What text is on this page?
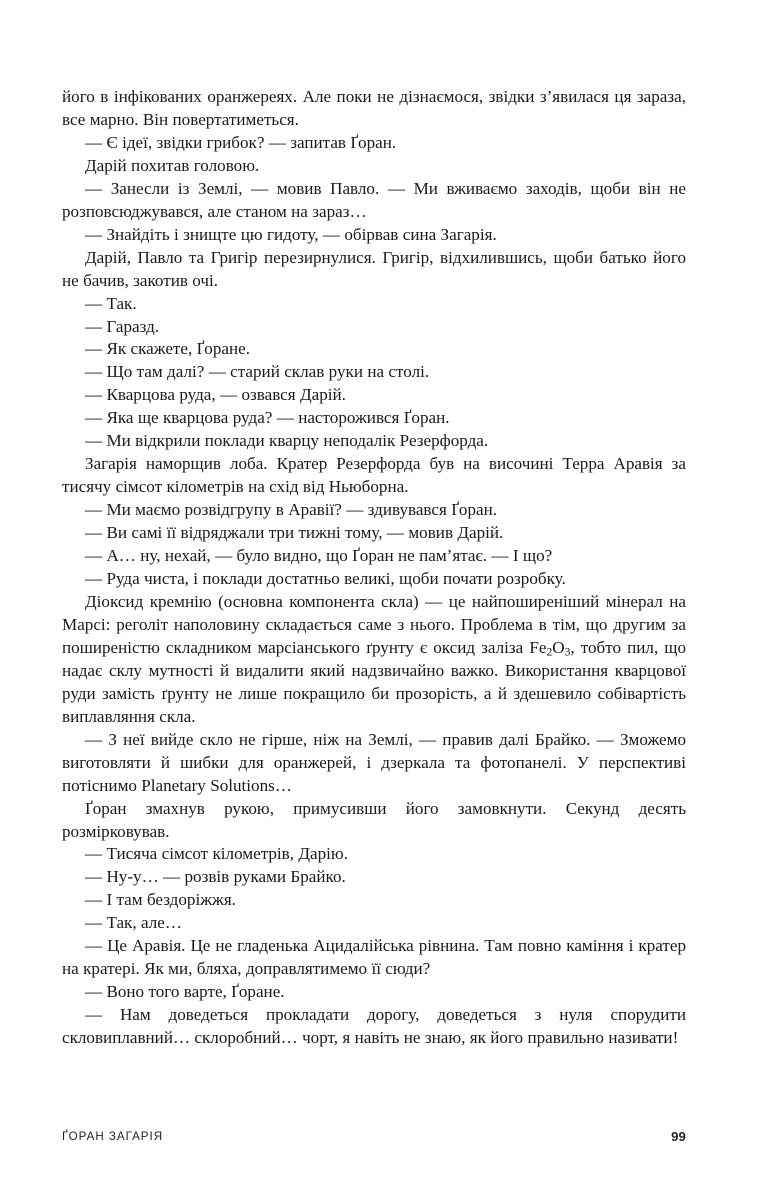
його в інфікованих оранжереях. Але поки не дізнаємося, звідки з’явилася ця зараза, все марно. Він повертатиметься.

— Є ідеї, звідки грибок? — запитав Ґоран.

Дарій похитав головою.

— Занесли із Землі, — мовив Павло. — Ми вживаємо заходів, щоби він не розповсюджувався, але станом на зараз…

— Знайдіть і знищте цю гидоту, — обірвав сина Загарія.

Дарій, Павло та Григір перезирнулися. Григір, відхилившись, щоби батько його не бачив, закотив очі.

— Так.

— Гаразд.

— Як скажете, Ґоране.

— Що там далі? — старий склав руки на столі.

— Кварцова руда, — озвався Дарій.

— Яка ще кварцова руда? — насторожився Ґоран.

— Ми відкрили поклади кварцу неподалік Резерфорда.

Загарія наморщив лоба. Кратер Резерфорда був на височині Терра Аравія за тисячу сімсот кілометрів на схід від Ньюборна.

— Ми маємо розвідгрупу в Аравії? — здивувався Ґоран.

— Ви самі її відряджали три тижні тому, — мовив Дарій.

— А… ну, нехай, — було видно, що Ґоран не пам’ятає. — І що?

— Руда чиста, і поклади достатньо великі, щоби почати розробку.

Діоксид кремнію (основна компонента скла) — це найпоширеніший мінерал на Марсі: реголіт наполовину складається саме з нього. Проблема в тім, що другим за поширеністю складником марсіанського ґрунту є оксид заліза $Fe_2O_3$, тобто пил, що надає склу мутності й видалити який надзвичайно важко. Використання кварцової руди замість ґрунту не лише покращило би прозорість, а й здешевило собівартість виплавляння скла.

— З неї вийде скло не гірше, ніж на Землі, — правив далі Брайко. — Зможемо виготовляти й шибки для оранжерей, і дзеркала та фотопанелі. У перспективі потіснимо Planetary Solutions…

Ґоран змахнув рукою, примусивши його замовкнути. Секунд десять розмірковував.

— Тисяча сімсот кілометрів, Дарію.

— Ну-у… — розвів руками Брайко.

— І там бездоріжжя.

— Так, але…

— Це Аравія. Це не гладенька Ацидалійська рівнина. Там повно каміння і кратер на кратері. Як ми, бляха, доправлятимемо її сюди?

— Воно того варте, Ґоране.

— Нам доведеться прокладати дорогу, доведеться з нуля спорудити скловиплавний… склоробний… чорт, я навіть не знаю, як його правильно називати!

ҐОРАН ЗАГАРІЯ	99
